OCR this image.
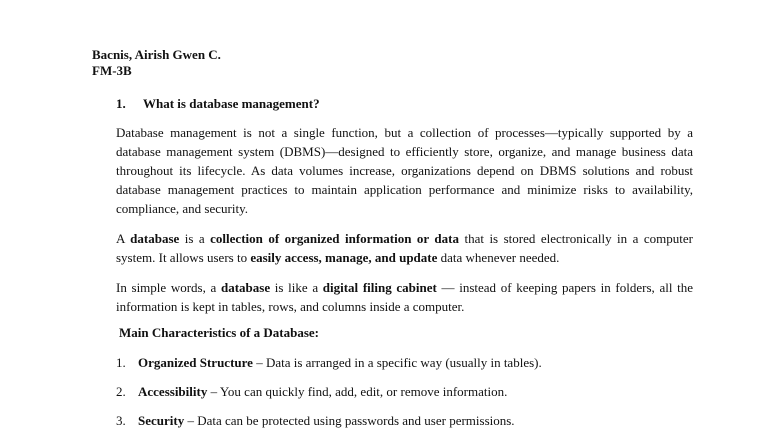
Bacnis, Airish Gwen C.
FM-3B
1. What is database management?

Database management is not a single function, but a collection of processes—typically supported by a database management system (DBMS)—designed to efficiently store, organize, and manage business data throughout its lifecycle. As data volumes increase, organizations depend on DBMS solutions and robust database management practices to maintain application performance and minimize risks to availability, compliance, and security.

A database is a collection of organized information or data that is stored electronically in a computer system. It allows users to easily access, manage, and update data whenever needed.

In simple words, a database is like a digital filing cabinet — instead of keeping papers in folders, all the information is kept in tables, rows, and columns inside a computer.

Main Characteristics of a Database:
1. Organized Structure – Data is arranged in a specific way (usually in tables).
2. Accessibility – You can quickly find, add, edit, or remove information.
3. Security – Data can be protected using passwords and user permissions.
